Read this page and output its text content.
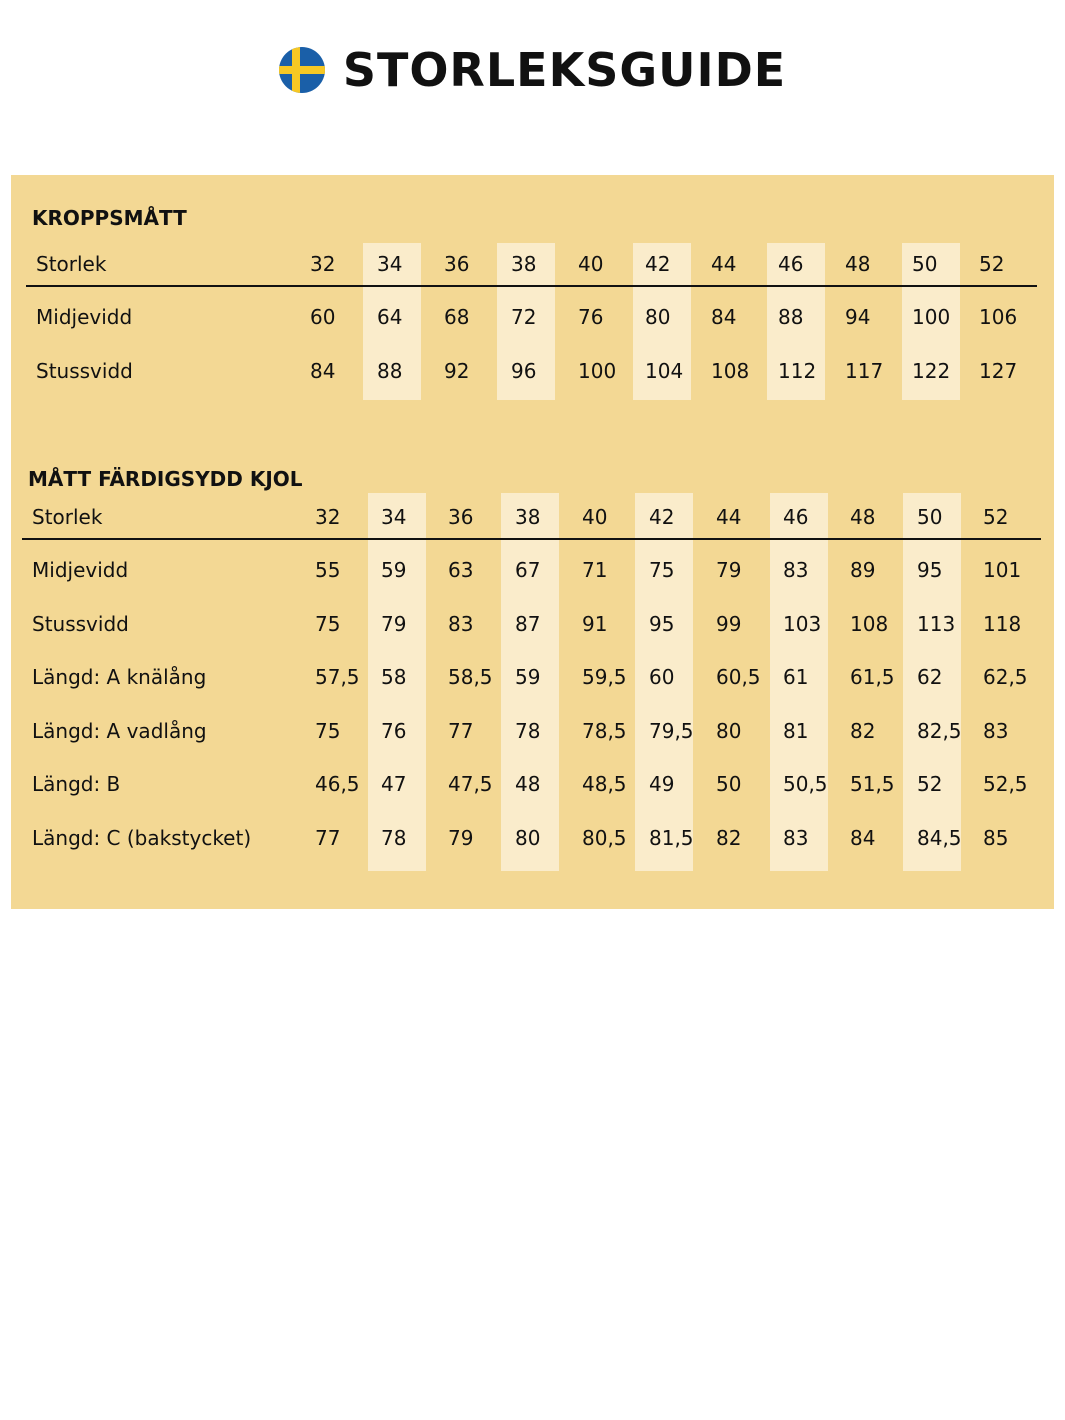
STORLEKSGUIDE
KROPPSMÅTT
Storlek	32 34 36 38 40 42 44 46 48 50 52
Midjevidd	60 64 68 72 76 80 84 88 94 100 106
Stussvidd	84 88 92 96 100 104 108 112 117 122 127
MÅTT FÄRDIGSYDD KJOL
Storlek	32 34 36 38 40 42 44 46 48 50 52
Midjevidd	55 59 63 67 71 75 79 83 89 95 101
Stussvidd	75 79 83 87 91 95 99 103 108 113 118
Längd: A knälång	57,5 58 58,5 59 59,5 60 60,5 61 61,5 62 62,5
Längd: A vadlång	75 76 77 78 78,5 79,5 80 81 82 82,5 83
Längd: B	46,5 47 47,5 48 48,5 49 50 50,5 51,5 52 52,5
Längd: C (bakstycket)	77 78 79 80 80,5 81,5 82 83 84 84,5 85
